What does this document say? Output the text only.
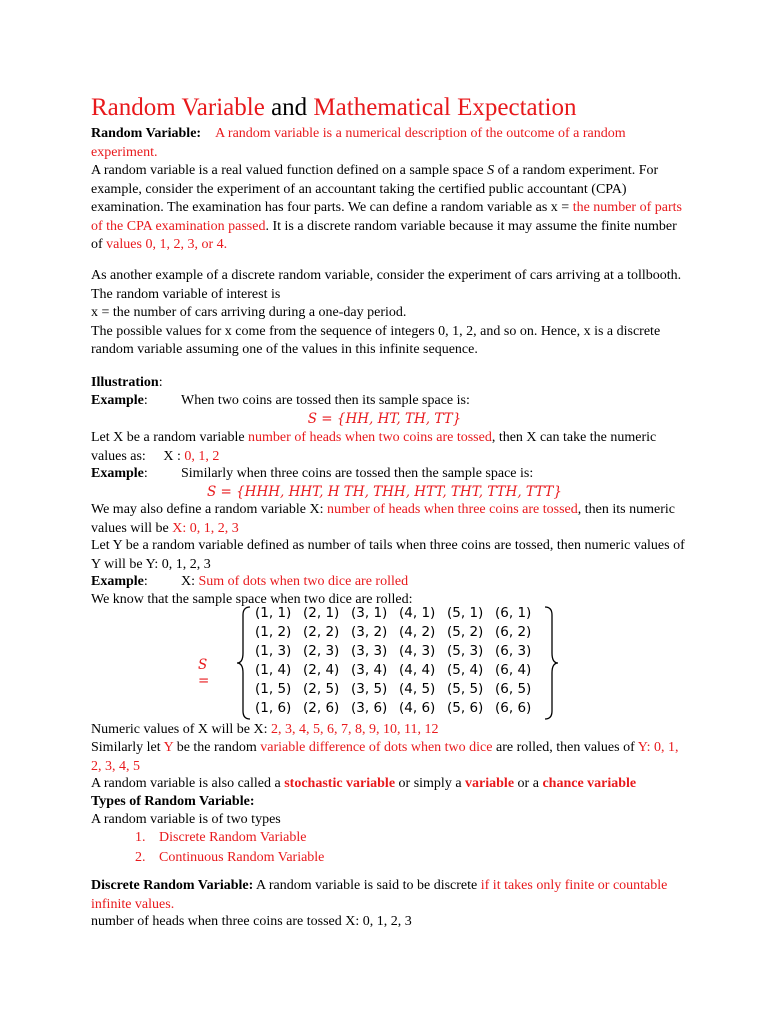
Random Variable and Mathematical Expectation
Random Variable: A random variable is a numerical description of the outcome of a random experiment.
A random variable is a real valued function defined on a sample space S of a random experiment. For example, consider the experiment of an accountant taking the certified public accountant (CPA) examination. The examination has four parts. We can define a random variable as x = the number of parts of the CPA examination passed. It is a discrete random variable because it may assume the finite number of values 0, 1, 2, 3, or 4.
As another example of a discrete random variable, consider the experiment of cars arriving at a tollbooth. The random variable of interest is
x = the number of cars arriving during a one-day period.
The possible values for x come from the sequence of integers 0, 1, 2, and so on. Hence, x is a discrete random variable assuming one of the values in this infinite sequence.
Illustration:
Example: When two coins are tossed then its sample space is:
S = {HH, HT, TH, TT}
Let X be a random variable number of heads when two coins are tossed, then X can take the numeric values as: X : 0, 1, 2
Example: Similarly when three coins are tossed then the sample space is:
S = {HHH, HHT, H TH, THH, HTT, THT, TTH, TTT}
We may also define a random variable X: number of heads when three coins are tossed, then its numeric values will be X: 0, 1, 2, 3
Let Y be a random variable defined as number of tails when three coins are tossed, then numeric values of Y will be Y: 0, 1, 2, 3
Example: X: Sum of dots when two dice are rolled
We know that the sample space when two dice are rolled:
S =
(1, 1) (2, 1) (3, 1) (4, 1) (5, 1) (6, 1)
(1, 2) (2, 2) (3, 2) (4, 2) (5, 2) (6, 2)
(1, 3) (2, 3) (3, 3) (4, 3) (5, 3) (6, 3)
(1, 4) (2, 4) (3, 4) (4, 4) (5, 4) (6, 4)
(1, 5) (2, 5) (3, 5) (4, 5) (5, 5) (6, 5)
(1, 6) (2, 6) (3, 6) (4, 6) (5, 6) (6, 6)
Numeric values of X will be X: 2, 3, 4, 5, 6, 7, 8, 9, 10, 11, 12
Similarly let Y be the random variable difference of dots when two dice are rolled, then values of Y: 0, 1, 2, 3, 4, 5
A random variable is also called a stochastic variable or simply a variable or a chance variable
Types of Random Variable:
A random variable is of two types
1. Discrete Random Variable
2. Continuous Random Variable
Discrete Random Variable: A random variable is said to be discrete if it takes only finite or countable infinite values.
number of heads when three coins are tossed X: 0, 1, 2, 3
